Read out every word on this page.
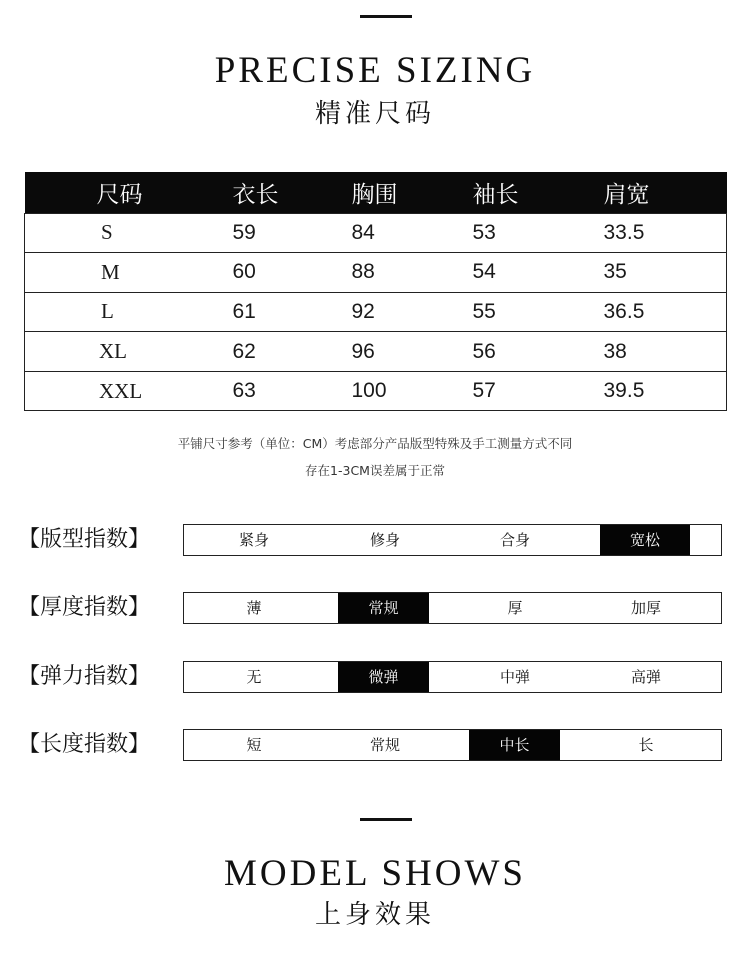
PRECISE SIZING
精准尺码
尺码	衣长	胸围	袖长	肩宽
S	59	84	53	33.5
M	60	88	54	35
L	61	92	55	36.5
XL	62	96	56	38
XXL	63	100	57	39.5
平铺尺寸参考（单位：CM）考虑部分产品版型特殊及手工测量方式不同
存在1-3CM误差属于正常
【版型指数】	紧身	修身	合身	宽松
【厚度指数】	薄	常规	厚	加厚
【弹力指数】	无	微弹	中弹	高弹
【长度指数】	短	常规	中长	长
MODEL SHOWS
上身效果
